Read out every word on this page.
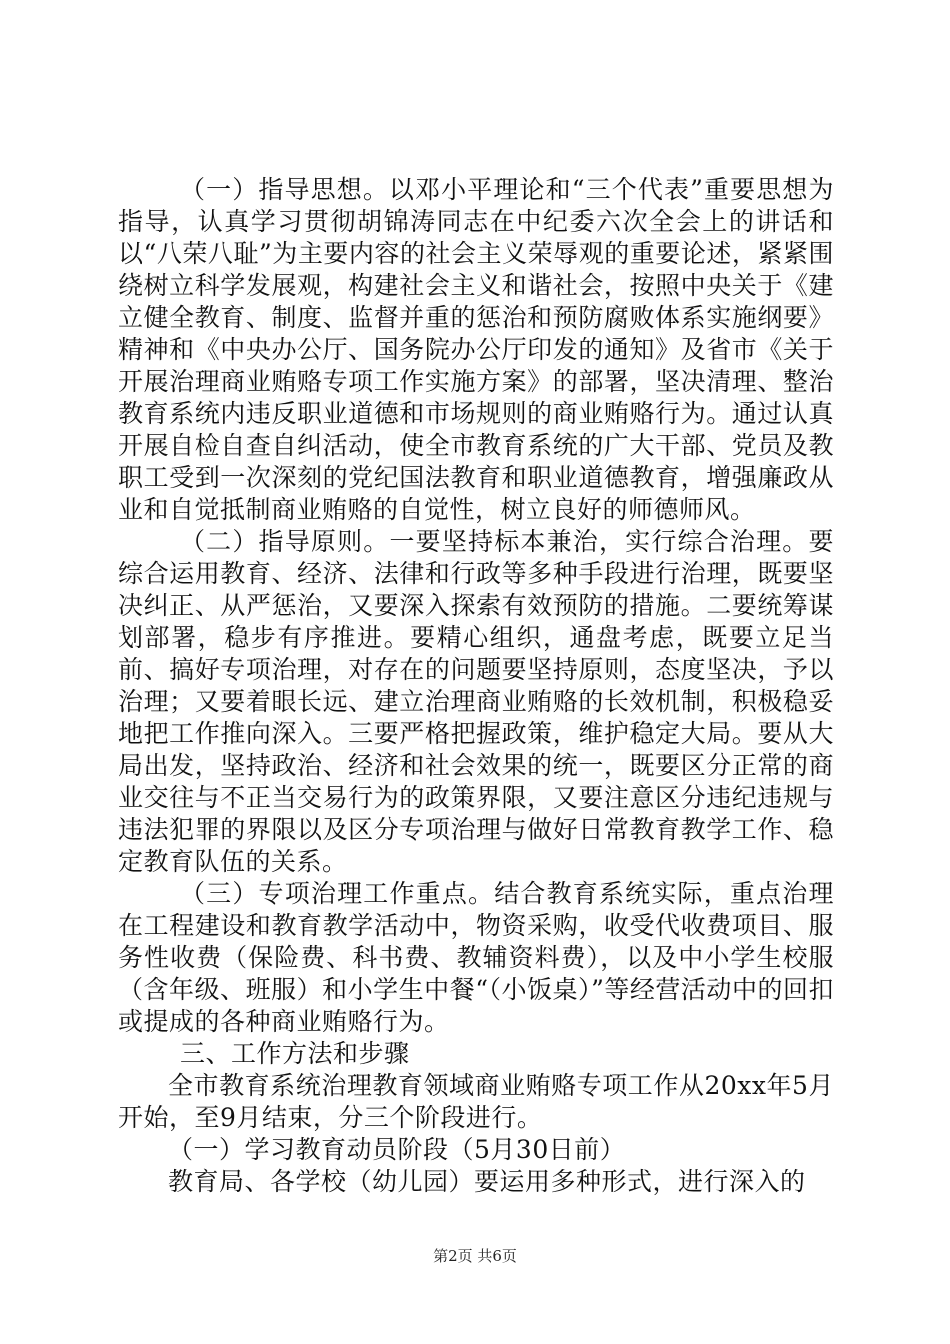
（一）指导思想。以邓小平理论和“三个代表”重要思想为指导，认真学习贯彻胡锦涛同志在中纪委六次全会上的讲话和以“八荣八耻”为主要内容的社会主义荣辱观的重要论述，紧紧围绕树立科学发展观，构建社会主义和谐社会，按照中央关于《建立健全教育、制度、监督并重的惩治和预防腐败体系实施纲要》精神和《中央办公厅、国务院办公厅印发的通知》及省市《关于开展治理商业贿赂专项工作实施方案》的部署，坚决清理、整治教育系统内违反职业道德和市场规则的商业贿赂行为。通过认真开展自检自查自纠活动，使全市教育系统的广大干部、党员及教职工受到一次深刻的党纪国法教育和职业道德教育，增强廉政从业和自觉抵制商业贿赂的自觉性，树立良好的师德师风。

（二）指导原则。一要坚持标本兼治，实行综合治理。要综合运用教育、经济、法律和行政等多种手段进行治理，既要坚决纠正、从严惩治，又要深入探索有效预防的措施。二要统筹谋划部署，稳步有序推进。要精心组织，通盘考虑，既要立足当前、搞好专项治理，对存在的问题要坚持原则，态度坚决，予以治理；又要着眼长远、建立治理商业贿赂的长效机制，积极稳妥地把工作推向深入。三要严格把握政策，维护稳定大局。要从大局出发，坚持政治、经济和社会效果的统一，既要区分正常的商业交往与不正当交易行为的政策界限，又要注意区分违纪违规与违法犯罪的界限以及区分专项治理与做好日常教育教学工作、稳定教育队伍的关系。

（三）专项治理工作重点。结合教育系统实际，重点治理在工程建设和教育教学活动中，物资采购，收受代收费项目、服务性收费（保险费、科书费、教辅资料费），以及中小学生校服（含年级、班服）和小学生中餐“（小饭桌）”等经营活动中的回扣或提成的各种商业贿赂行为。

三、工作方法和步骤

全市教育系统治理教育领域商业贿赂专项工作从20xx年5月开始，至9月结束，分三个阶段进行。

（一）学习教育动员阶段（5月30日前）

教育局、各学校（幼儿园）要运用多种形式，进行深入的

第2页 共6页
